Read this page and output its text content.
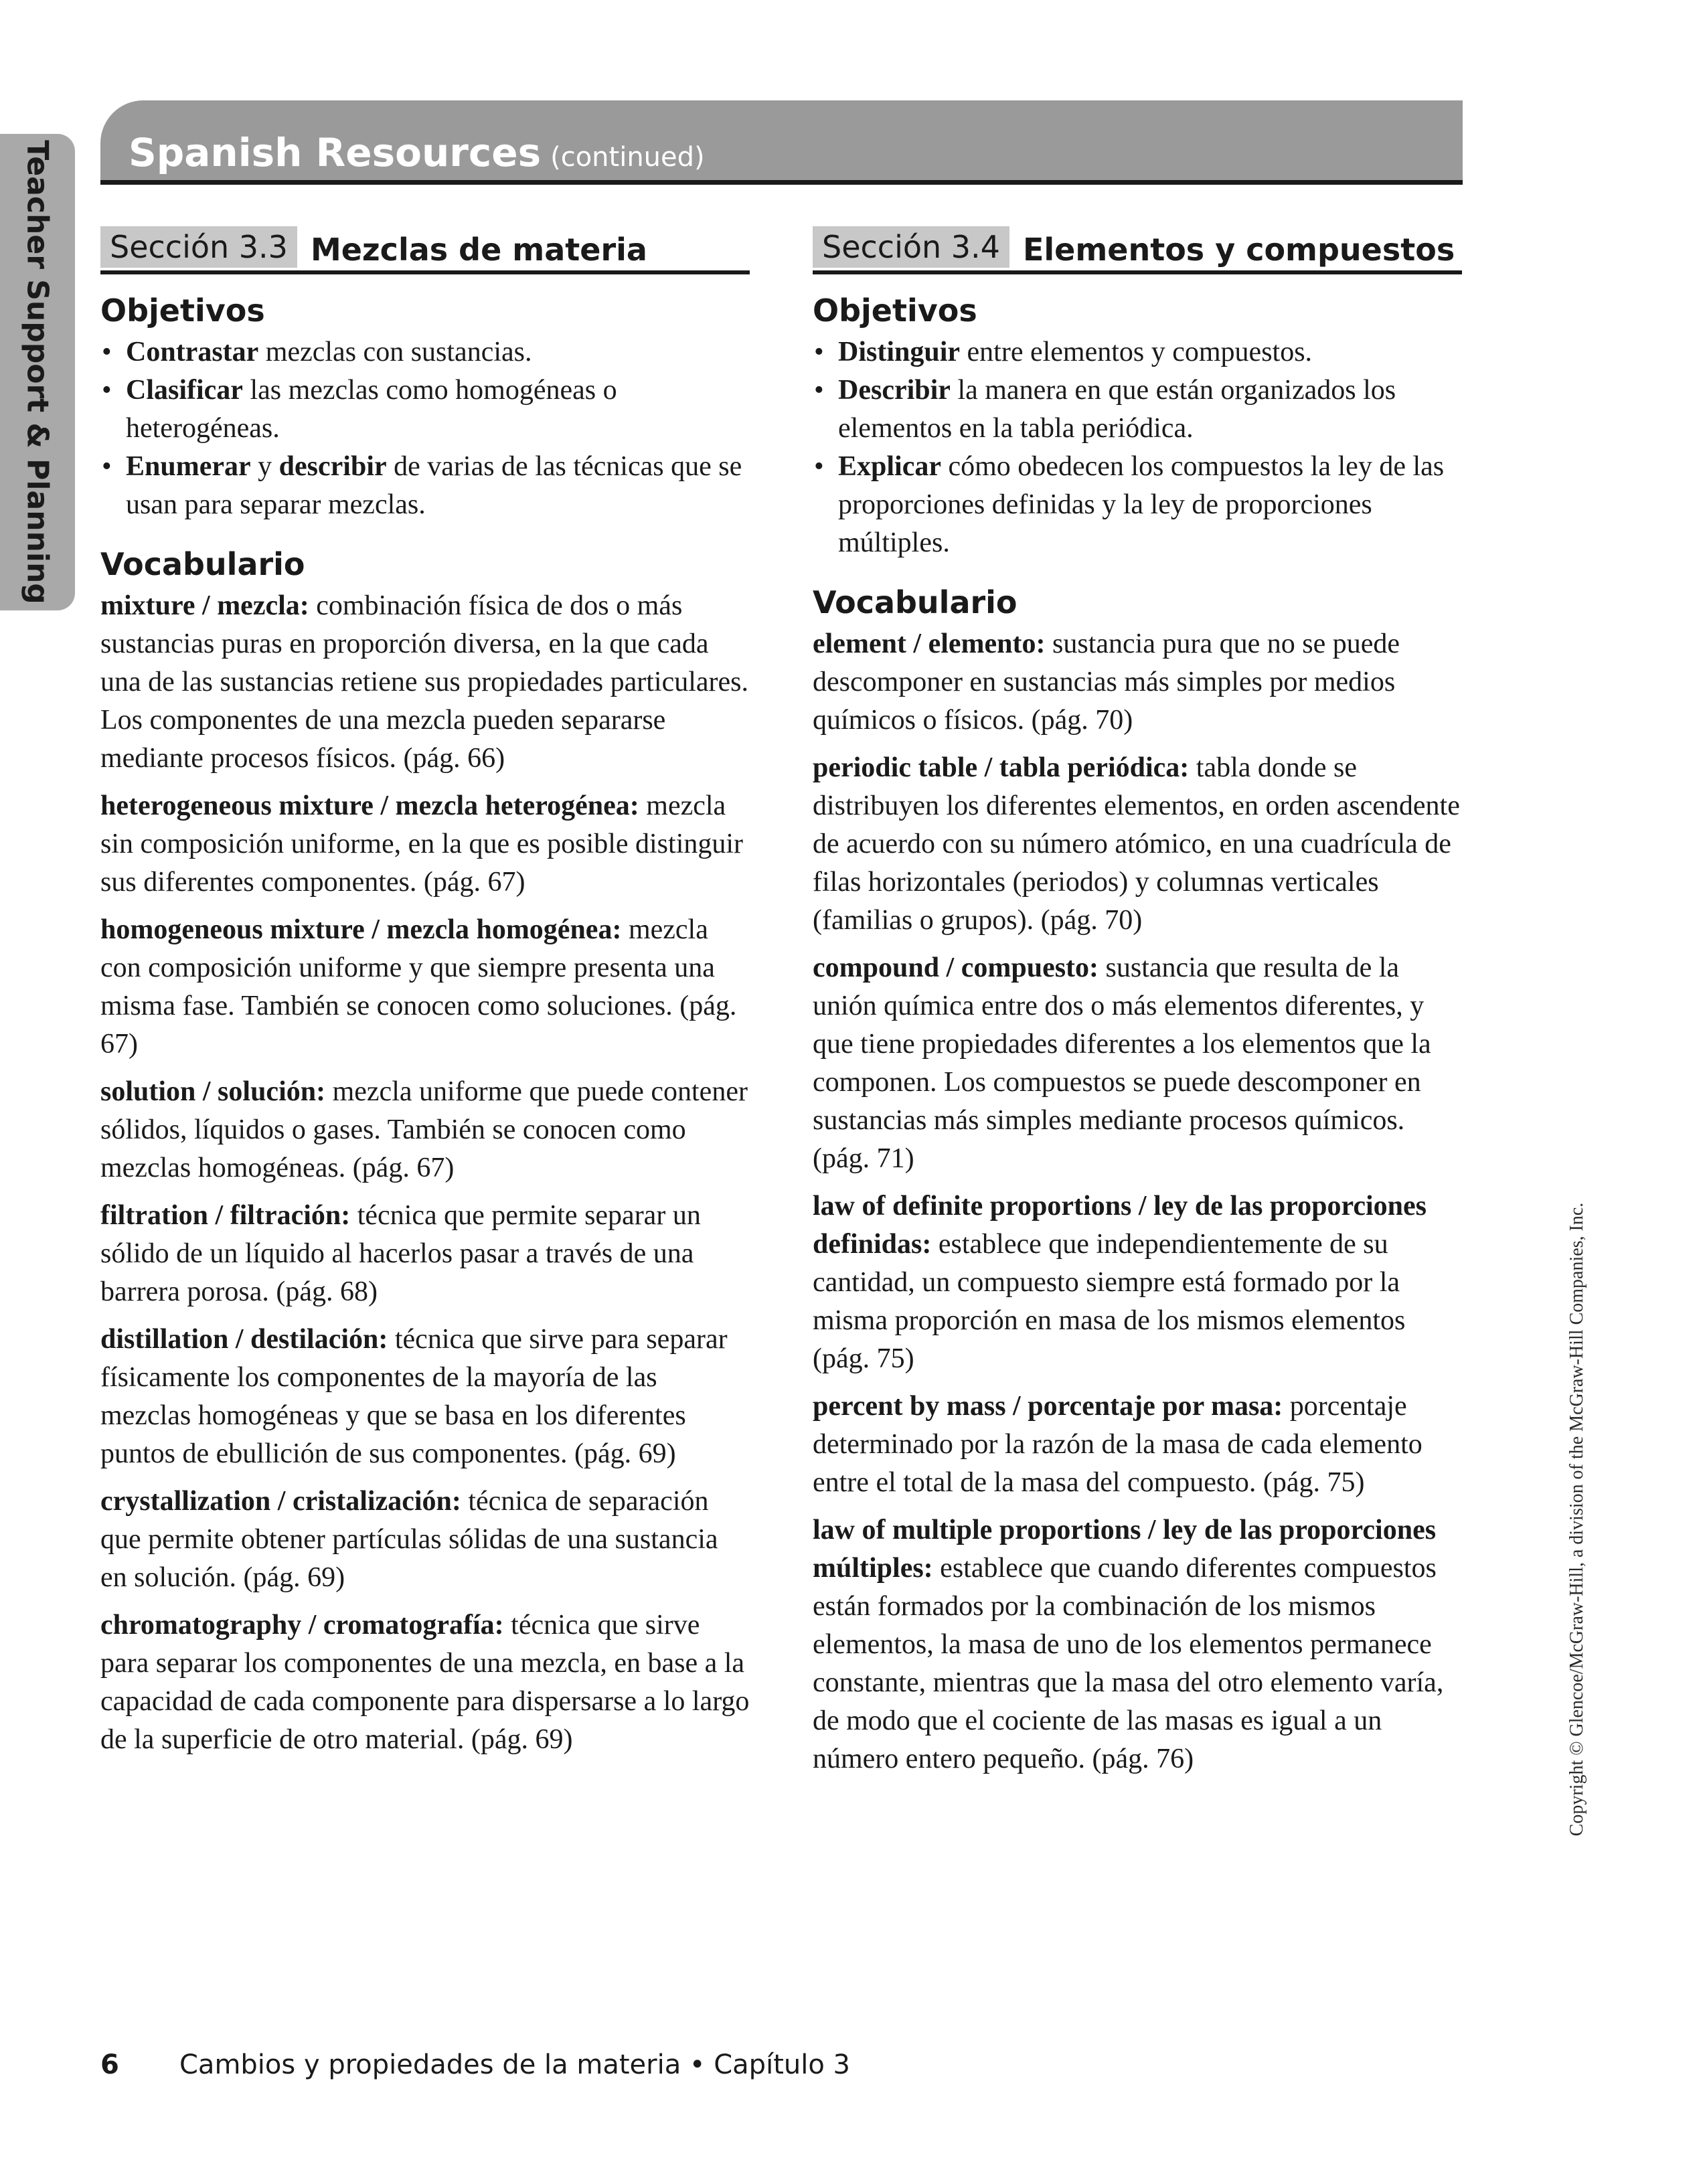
Teacher Support & Planning Spanish Resources (continued)
Sección 3.3 Mezclas de materia
Objetivos
• Contrastar mezclas con sustancias.
• Clasificar las mezclas como homogéneas o heterogéneas.
• Enumerar y describir de varias de las técnicas que se usan para separar mezclas.
Vocabulario

mixture / mezcla: combinación física de dos o más sustancias puras en proporción diversa, en la que cada una de las sustancias retiene sus propiedades particulares. Los componentes de una mezcla pueden separarse mediante procesos físicos. (pág. 66)

heterogeneous mixture / mezcla heterogénea: mezcla sin composición uniforme, en la que es posible distinguir sus diferentes componentes. (pág. 67)

homogeneous mixture / mezcla homogénea: mezcla con composición uniforme y que siempre presenta una misma fase. También se conocen como soluciones. (pág. 67)

solution / solución: mezcla uniforme que puede contener sólidos, líquidos o gases. También se conocen como mezclas homogéneas. (pág. 67)

filtration / filtración: técnica que permite separar un sólido de un líquido al hacerlos pasar a través de una barrera porosa. (pág. 68)

distillation / destilación: técnica que sirve para separar físicamente los componentes de la mayoría de las mezclas homogéneas y que se basa en los diferentes puntos de ebullición de sus componentes. (pág. 69)

crystallization / cristalización: técnica de separación que permite obtener partículas sólidas de una sustancia en solución. (pág. 69)

chromatography / cromatografía: técnica que sirve para separar los componentes de una mezcla, en base a la capacidad de cada componente para dispersarse a lo largo de la superficie de otro material. (pág. 69)

Sección 3.4 Elementos y compuestos
Objetivos
• Distinguir entre elementos y compuestos.
• Describir la manera en que están organizados los elementos en la tabla periódica.
• Explicar cómo obedecen los compuestos la ley de las proporciones definidas y la ley de proporciones múltiples.
Vocabulario

element / elemento: sustancia pura que no se puede descomponer en sustancias más simples por medios químicos o físicos. (pág. 70)

periodic table / tabla periódica: tabla donde se distribuyen los diferentes elementos, en orden ascendente de acuerdo con su número atómico, en una cuadrícula de filas horizontales (periodos) y columnas verticales (familias o grupos). (pág. 70)

compound / compuesto: sustancia que resulta de la unión química entre dos o más elementos diferentes, y que tiene propiedades diferentes a los elementos que la componen. Los compuestos se puede descomponer en sustancias más simples mediante procesos químicos. (pág. 71)

law of definite proportions / ley de las proporciones definidas: establece que independientemente de su cantidad, un compuesto siempre está formado por la misma proporción en masa de los mismos elementos (pág. 75)

percent by mass / porcentaje por masa: porcentaje determinado por la razón de la masa de cada elemento entre el total de la masa del compuesto. (pág. 75)

law of multiple proportions / ley de las proporciones múltiples: establece que cuando diferentes compuestos están formados por la combinación de los mismos elementos, la masa de uno de los elementos permanece constante, mientras que la masa del otro elemento varía, de modo que el cociente de las masas es igual a un número entero pequeño. (pág. 76)

6 Cambios y propiedades de la materia • Capítulo 3
Copyright © Glencoe/McGraw-Hill, a division of the McGraw-Hill Companies, Inc.
